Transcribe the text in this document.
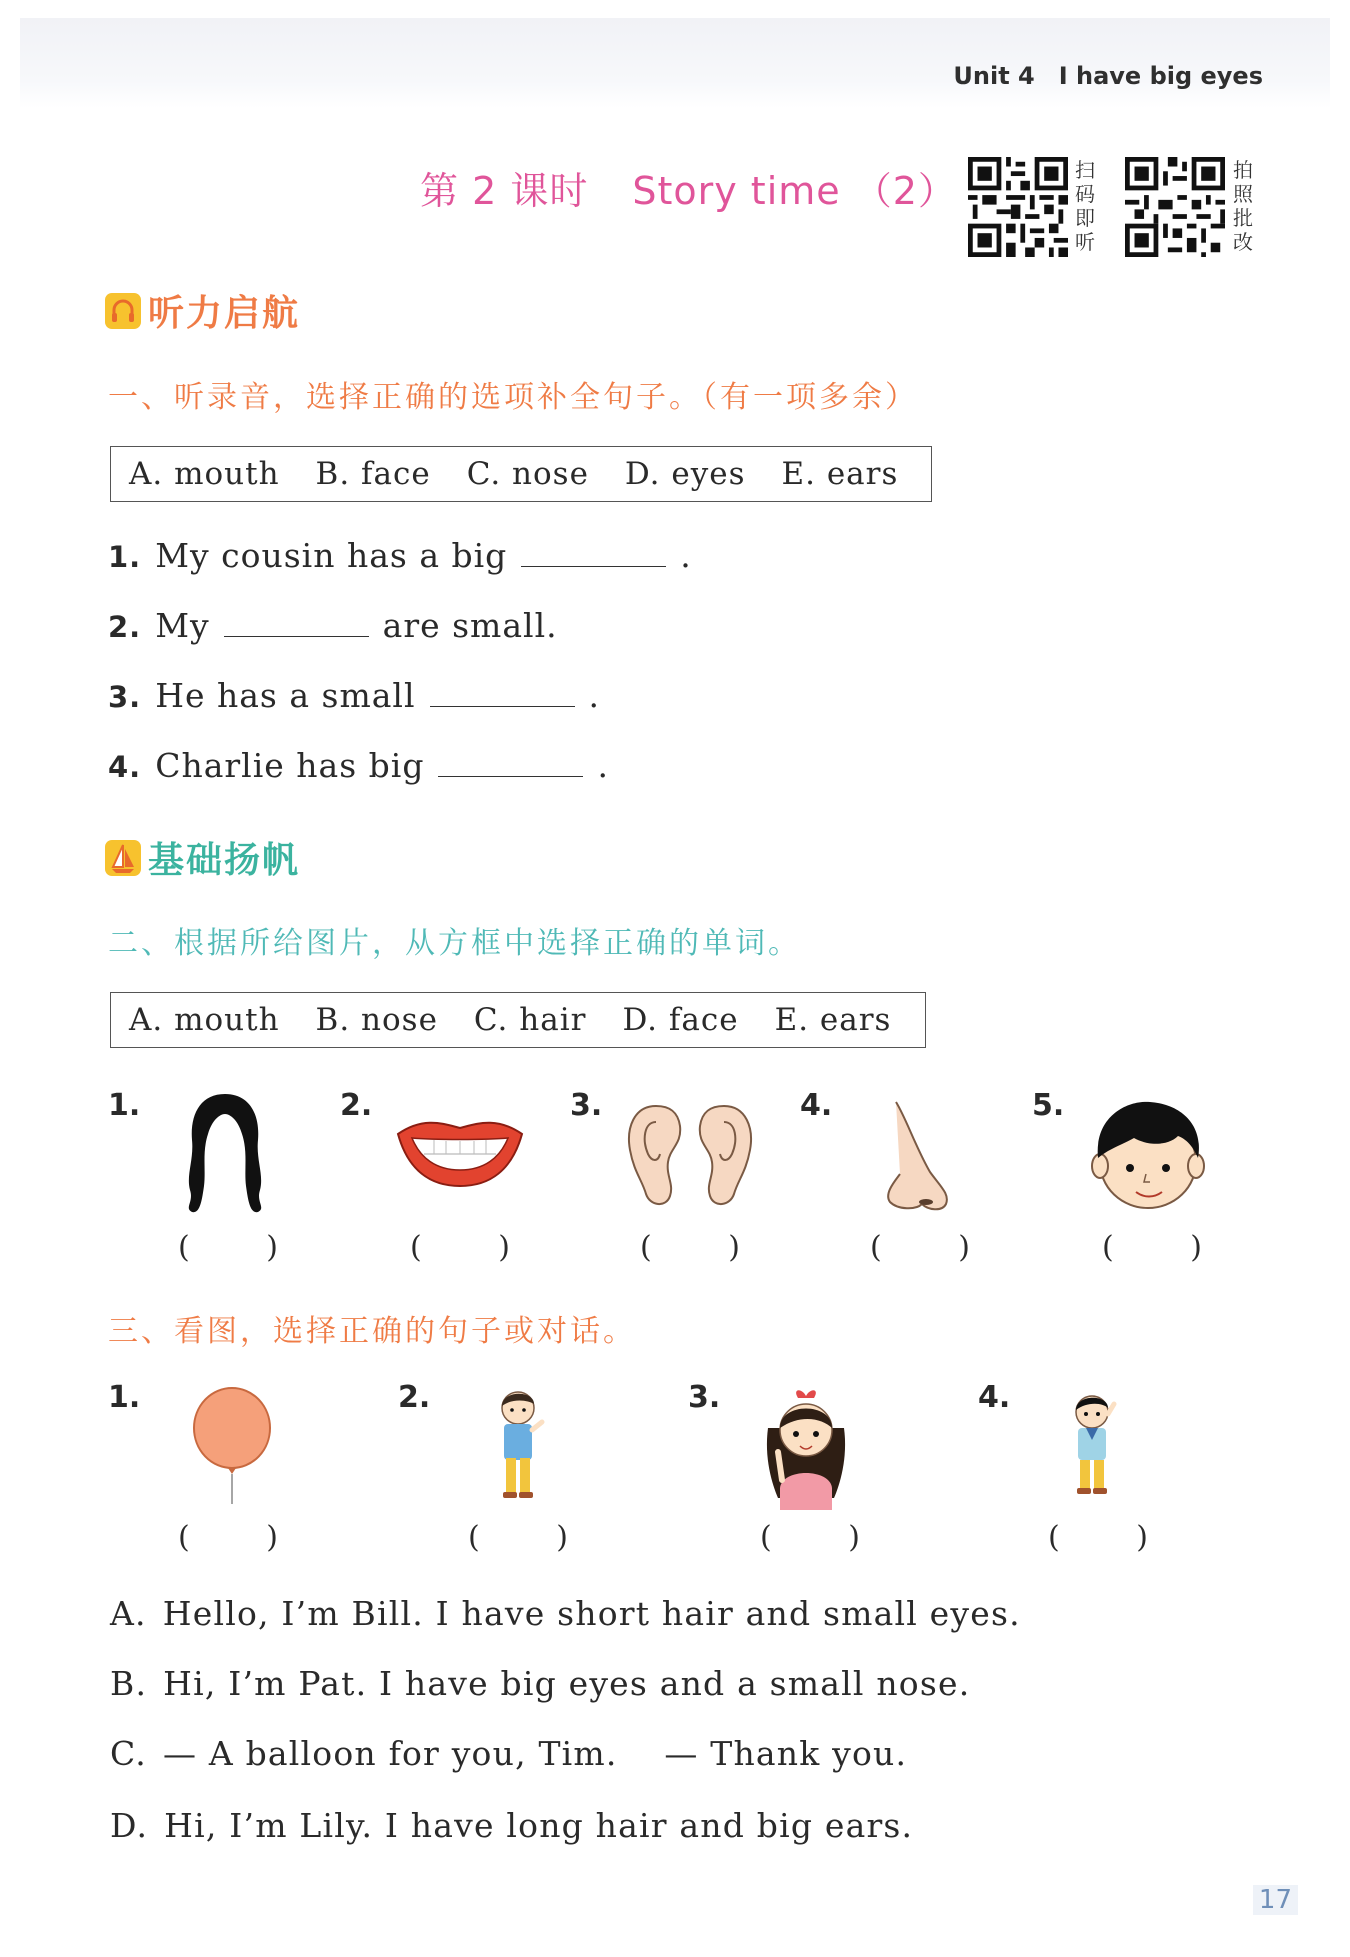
Unit 4 I have big eyes
第 2 课时 Story time （2）	扫码即听
拍照批改
听力启航
一、听录音，选择正确的选项补全句子。（有一项多余）
A. mouth B. face C. nose D. eyes E. ears
1. My cousin has a big	.
2. My	are small.
3. He has a small	.
4. Charlie has big	.
基础扬帆
二、根据所给图片，从方框中选择正确的单词。
A. mouth B. nose C. hair D. face E. ears
1.
(	)
2.
(	)
3.
(	)
4.
(	)
5.
(	)
三、看图，选择正确的句子或对话。
1.
(	)
2.
(	)
3.
(	)
4.
(	)
A. Hello, I’m Bill. I have short hair and small eyes.
B. Hi, I’m Pat. I have big eyes and a small nose.
C. — A balloon for you, Tim.    — Thank you.
D. Hi, I’m Lily. I have long hair and big ears.
17
